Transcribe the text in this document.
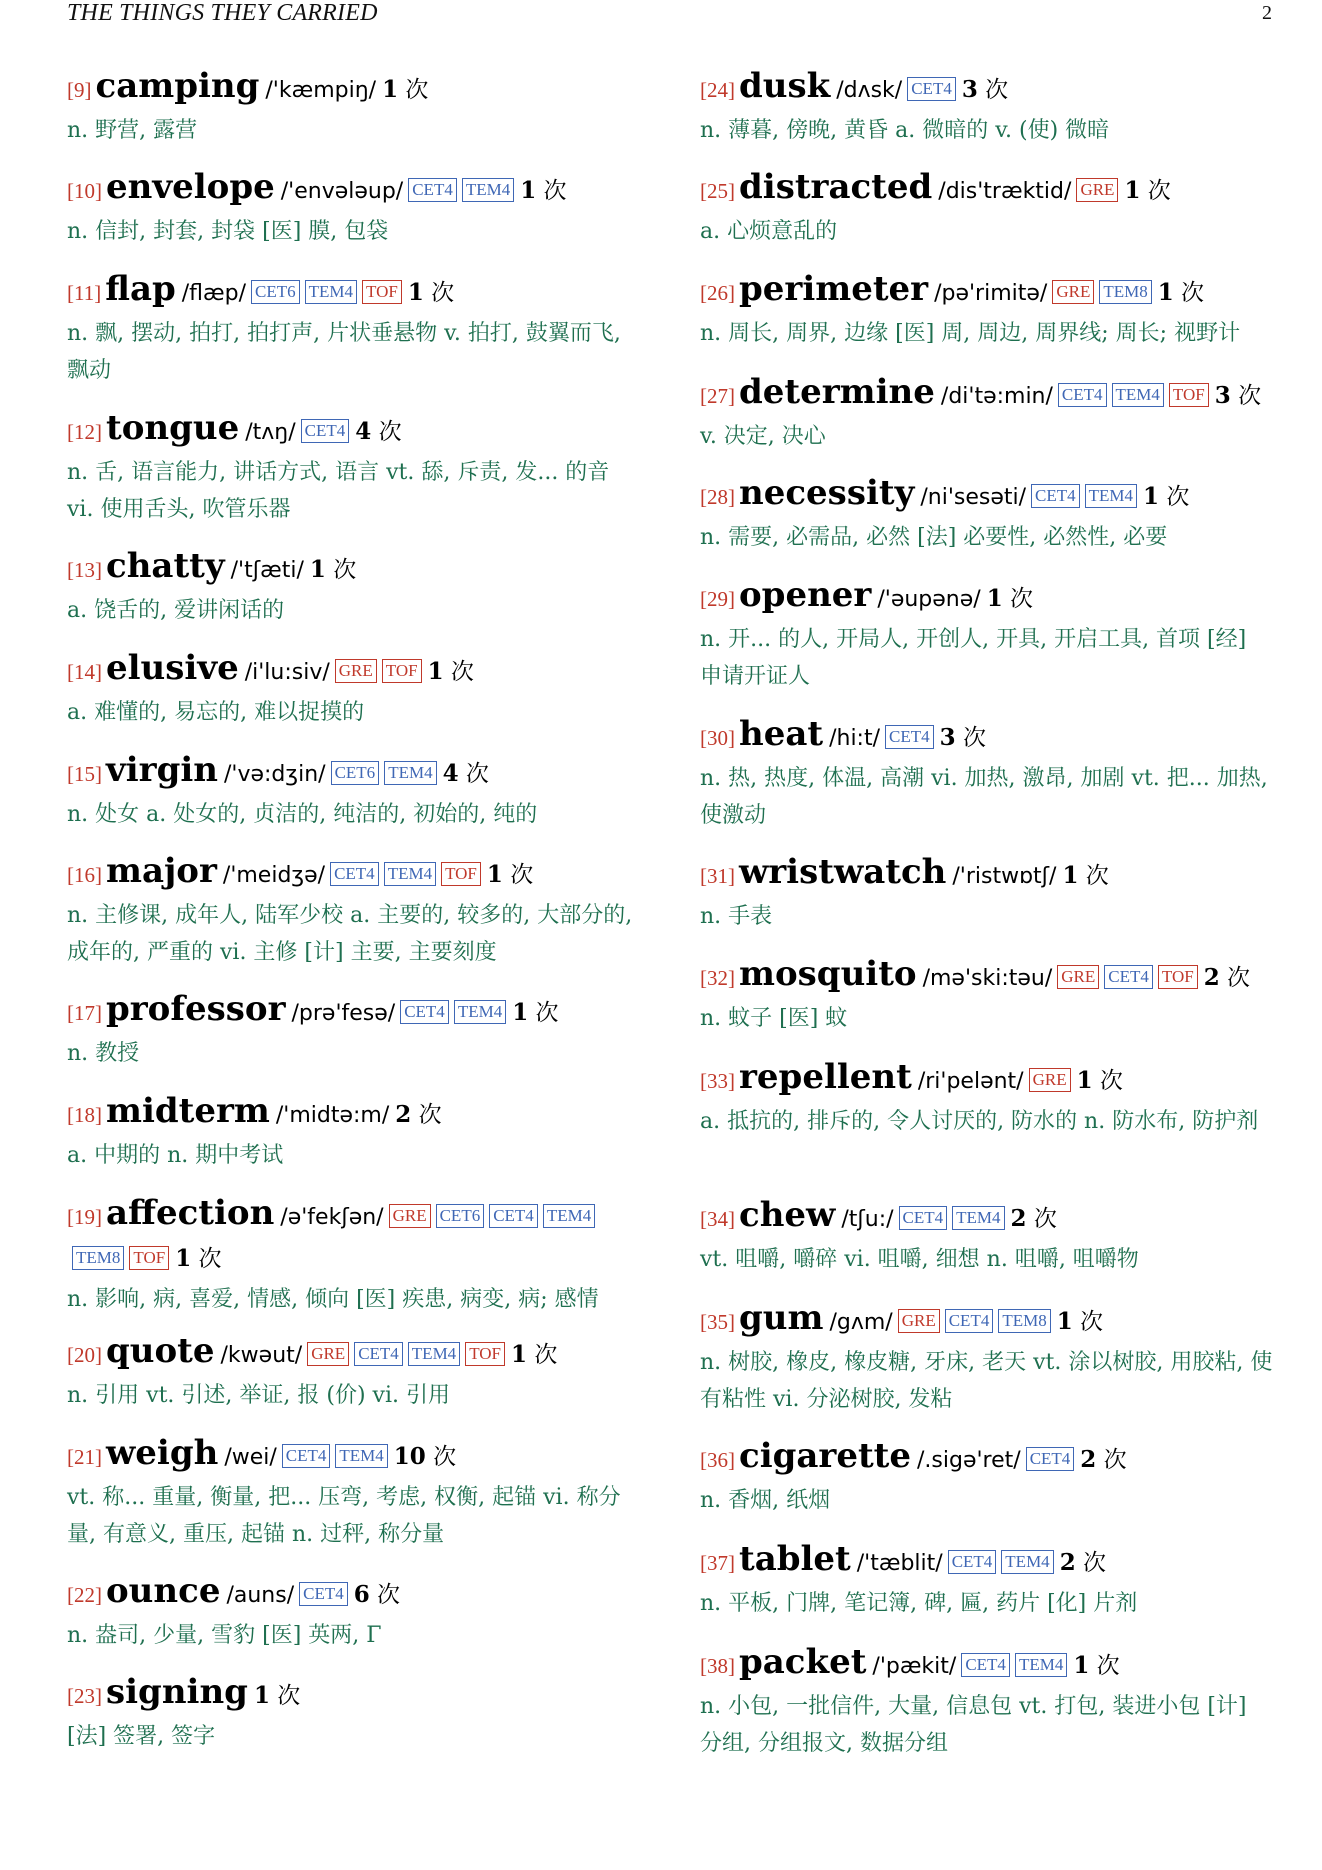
THE THINGS THEY CARRIED	2
[9] camping /'kæmpiŋ/ 1 次
n. 野营, 露营
[10] envelope /'envələup/ CET4 TEM4 1 次
n. 信封, 封套, 封袋 [医] 膜, 包袋
[11] flap /flæp/ CET6 TEM4 TOF 1 次
n. 飘, 摆动, 拍打, 拍打声, 片状垂悬物 v. 拍打, 鼓翼而飞, 飘动
[12] tongue /tʌŋ/ CET4 4 次
n. 舌, 语言能力, 讲话方式, 语言 vt. 舔, 斥责, 发... 的音 vi. 使用舌头, 吹管乐器
[13] chatty /'tʃæti/ 1 次
a. 饶舌的, 爱讲闲话的
[14] elusive /i'lu:siv/ GRE TOF 1 次
a. 难懂的, 易忘的, 难以捉摸的
[15] virgin /'və:dʒin/ CET6 TEM4 4 次
n. 处女 a. 处女的, 贞洁的, 纯洁的, 初始的, 纯的
[16] major /'meidʒə/ CET4 TEM4 TOF 1 次
n. 主修课, 成年人, 陆军少校 a. 主要的, 较多的, 大部分的, 成年的, 严重的 vi. 主修 [计] 主要, 主要刻度
[17] professor /prə'fesə/ CET4 TEM4 1 次
n. 教授
[18] midterm /'midtə:m/ 2 次
a. 中期的 n. 期中考试
[19] affection /ə'fekʃən/ GRE CET6 CET4 TEM4TEM8 TOF 1 次
n. 影响, 病, 喜爱, 情感, 倾向 [医] 疾患, 病变, 病; 感情
[20] quote /kwəut/ GRE CET4 TEM4 TOF 1 次
n. 引用 vt. 引述, 举证, 报 (价) vi. 引用
[21] weigh /wei/ CET4 TEM4 10 次
vt. 称... 重量, 衡量, 把... 压弯, 考虑, 权衡, 起锚 vi. 称分量, 有意义, 重压, 起锚 n. 过秤, 称分量
[22] ounce /auns/ CET4 6 次
n. 盎司, 少量, 雪豹 [医] 英两, Γ
[23] signing 1 次
[法] 签署, 签字
[24] dusk /dʌsk/ CET4 3 次
n. 薄暮, 傍晚, 黄昏 a. 微暗的 v. (使) 微暗
[25] distracted /dis'træktid/ GRE 1 次
a. 心烦意乱的
[26] perimeter /pə'rimitə/ GRE TEM8 1 次
n. 周长, 周界, 边缘 [医] 周, 周边, 周界线; 周长; 视野计
[27] determine /di'tə:min/ CET4 TEM4 TOF 3 次
v. 决定, 决心
[28] necessity /ni'sesəti/ CET4 TEM4 1 次
n. 需要, 必需品, 必然 [法] 必要性, 必然性, 必要
[29] opener /'əupənə/ 1 次
n. 开... 的人, 开局人, 开创人, 开具, 开启工具, 首项 [经] 申请开证人
[30] heat /hi:t/ CET4 3 次
n. 热, 热度, 体温, 高潮 vi. 加热, 激昂, 加剧 vt. 把... 加热, 使激动
[31] wristwatch /'ristwɒtʃ/ 1 次
n. 手表
[32] mosquito /mə'ski:təu/ GRE CET4 TOF 2 次
n. 蚊子 [医] 蚊
[33] repellent /ri'pelənt/ GRE 1 次
a. 抵抗的, 排斥的, 令人讨厌的, 防水的 n. 防水布, 防护剂
[34] chew /tʃu:/ CET4 TEM4 2 次
vt. 咀嚼, 嚼碎 vi. 咀嚼, 细想 n. 咀嚼, 咀嚼物
[35] gum /gʌm/ GRE CET4 TEM8 1 次
n. 树胶, 橡皮, 橡皮糖, 牙床, 老天 vt. 涂以树胶, 用胶粘, 使有粘性 vi. 分泌树胶, 发粘
[36] cigarette /.sigə'ret/ CET4 2 次
n. 香烟, 纸烟
[37] tablet /'tæblit/ CET4 TEM4 2 次
n. 平板, 门牌, 笔记簿, 碑, 匾, 药片 [化] 片剂
[38] packet /'pækit/ CET4 TEM4 1 次
n. 小包, 一批信件, 大量, 信息包 vt. 打包, 装进小包 [计] 分组, 分组报文, 数据分组
